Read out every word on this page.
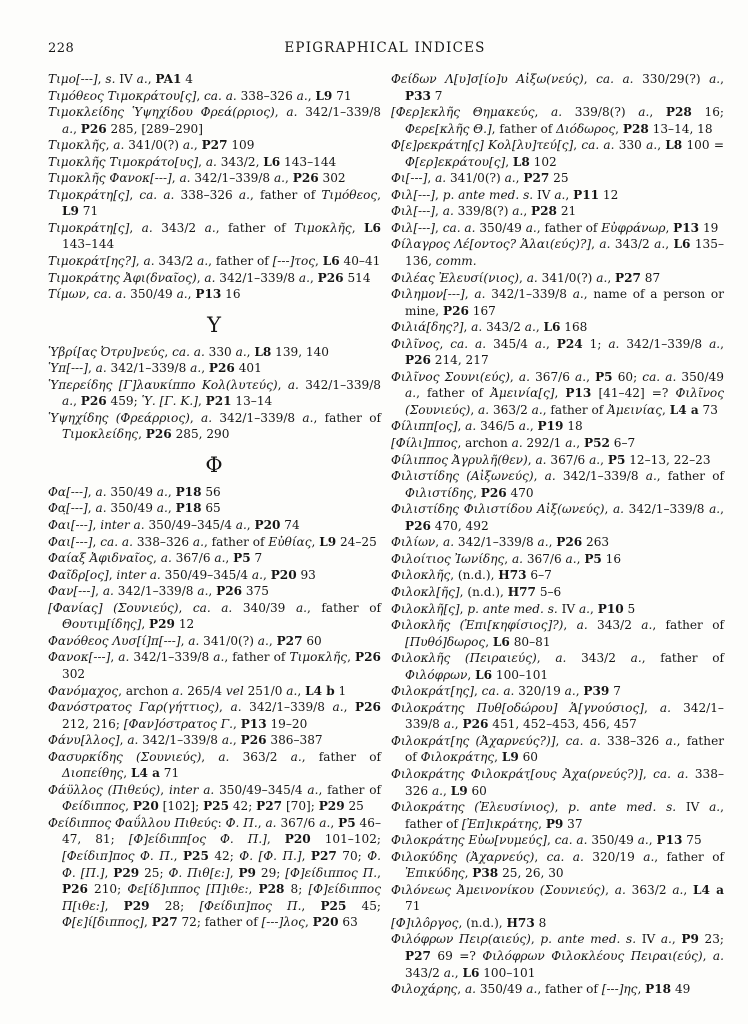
228	EPIGRAPHICAL INDICES
Τιμο[---], s. IV a., PA1 4
Τιμόθεος Τιμοκράτου[ς], ca. a. 338–326 a., L9 71
Τιμοκλείδης Ὑψηχίδου Φρεά(ρριος), a. 342/1–339/8 a., P26 285, [289–290]
Τιμοκλῆς, a. 341/0(?) a., P27 109
Τιμοκλῆς Τιμοκράτο[υς], a. 343/2, L6 143–144
Τιμοκλῆς Φανοκ[---], a. 342/1–339/8 a., P26 302
Τιμοκράτη[ς], ca. a. 338–326 a., father of Τιμόθεος, L9 71
Τιμοκράτη[ς], a. 343/2 a., father of Τιμοκλῆς, L6 143–144
Τιμοκράτ[ης?], a. 343/2 a., father of [---]τος, L6 40–41
Τιμοκράτης Ἀφι(δναῖος), a. 342/1–339/8 a., P26 514
Τίμων, ca. a. 350/49 a., P13 16
Υ
Ὑβρί[ας Ὀτρυ]νεύς, ca. a. 330 a., L8 139, 140
Ὑπ[---], a. 342/1–339/8 a., P26 401
Ὑπερείδης [Γ]λαυκίππο Κολ(λυτεύς), a. 342/1–339/8 a., P26 459; Ὑ. [Γ. Κ.], P21 13–14
Ὑψηχίδης (Φρεάρριος), a. 342/1–339/8 a., father of Τιμοκλείδης, P26 285, 290
Φ
Φα[---], a. 350/49 a., P18 56
Φα̣[---], a. 350/49 a., P18 65
Φαι[---], inter a. 350/49–345/4 a., P20 74
Φαι[---], ca. a. 338–326 a., father of Εὐθίας, L9 24–25
Φαίαξ Ἀφιδναῖος, a. 367/6 a., P5 7
Φαῖδρ[ος], inter a. 350/49–345/4 a., P20 93
Φαν[---], a. 342/1–339/8 a., P26 375
[Φανίας] (Σουνιεύς), ca. a. 340/39 a., father of Θουτιμ[ίδης], P29 12
Φανόθεος Λυσ[ί]π[---], a. 341/0(?) a., P27 60
Φανοκ[---], a. 342/1–339/8 a., father of Τιμοκλῆς, P26 302
Φανόμαχος, archon a. 265/4 vel 251/0 a., L4 b 1
Φανόστρατος Γαρ(γήττιος), a. 342/1–339/8 a., P26 212, 216; [Φαν]όστρατος Γ., P13 19–20
Φάνυ[λλος], a. 342/1–339/8 a., P26 386–387
Φασυρκίδης (Σουνιεύς), a. 363/2 a., father of Διοπείθης, L4 a 71
Φάϋλλος (Πιθεύς), inter a. 350/49–345/4 a., father of Φείδιππος, P20 [102]; P25 42; P27 [70]; P29 25
Φείδιππος Φαΰλλου Πιθεύς: Φ. Π., a. 367/6 a., P5 46–47, 81; [Φ]είδιππ[ος Φ. Π.], P20 101–102; [Φείδιπ]πος Φ. Π., P25 42; Φ. [Φ. Π.], P27 70; Φ. Φ. [Π.], P29 25; Φ. Πιθ[ε:], P9 29; [Φ]είδιππος Π., P26 210; Φε[ίδ]ιππος [Π]ιθε:, P28 8; [Φ]είδιππος Π[ιθε:], P29 28; [Φείδιπ]πος Π., P25 45; Φ[ε]ί[διππος], P27 72; father of [---]λος, P20 63
Φείδων Λ[υ]σ[ίο]υ Αἰξω(νεύς), ca. a. 330/29(?) a., P33 7
[Φερ]εκλῆς Θημακεύς, a. 339/8(?) a., P28 16; Φερε[κλῆς Θ.], father of Διόδωρος, P28 13–14, 18
Φ[ε]ρεκράτη[ς] Κολ[λυ]τεύ[ς], ca. a. 330 a., L8 100 = Φ[ερ]εκράτου[ς], L8 102
Φι[---], a. 341/0(?) a., P27 25
Φιλ[---], p. ante med. s. IV a., P11 12
Φιλ[---], a. 339/8(?) a., P28 21
Φιλ[---], ca. a. 350/49 a., father of Εὐφράνωρ, P13 19
Φίλαγρος Λέ[οντος? Ἁλαι(εύς)?], a. 343/2 a., L6 135–136, comm.
Φιλέας Ἐλευσί(νιος), a. 341/0(?) a., P27 87
Φιλημον[---], a. 342/1–339/8 a., name of a person or mine, P26 167
Φιλιά[δης?], a. 343/2 a., L6 168
Φιλῖνος, ca. a. 345/4 a., P24 1; a. 342/1–339/8 a., P26 214, 217
Φιλῖνος Σουνι(εύς), a. 367/6 a., P5 60; ca. a. 350/49 a., father of Ἀμεινία[ς], P13 [41–42] =? Φιλῖνος (Σουνιεύς), a. 363/2 a., father of Ἀμεινίας, L4 a 73
Φίλιππ[ος], a. 346/5 a., P19 18
[Φίλι]ππος, archon a. 292/1 a., P52 6–7
Φίλιππος Ἀγρυλῆ(θεν), a. 367/6 a., P5 12–13, 22–23
Φιλιστίδης (Αἰξωνεύς), a. 342/1–339/8 a., father of Φιλιστίδης, P26 470
Φιλιστίδης Φιλιστίδου Αἰξ(ωνεύς), a. 342/1–339/8 a., P26 470, 492
Φιλίων, a. 342/1–339/8 a., P26 263
Φιλοίτιος Ἰωνίδης, a. 367/6 a., P5 16
Φιλοκλῆς, (n.d.), H73 6–7
Φιλοκλ[ῆς], (n.d.), H77 5–6
Φιλοκλῆ[ς], p. ante med. s. IV a., P10 5
Φιλοκλῆς (Ἐπι[κηφίσιος]?), a. 343/2 a., father of [Πυθό]δωρος, L6 80–81
Φιλοκλῆς (Πειραιεύς), a. 343/2 a., father of Φιλόφρων, L6 100–101
Φιλοκράτ[ης], ca. a. 320/19 a., P39 7
Φιλοκράτης Πυθ[οδώρου] Ἁ[γνούσιος], a. 342/1–339/8 a., P26 451, 452–453, 456, 457
Φιλοκράτ[ης (Ἀχαρνεύς?)], ca. a. 338–326 a., father of Φιλοκράτης, L9 60
Φιλοκράτης Φιλοκράτ̣[ους Ἀχα(ρνεύς?)], ca. a. 338–326 a., L9 60
Φιλοκράτης (Ἐλευσίνιος), p. ante med. s. IV a., father of [Ἐπ]ικράτης, P9 37
Φιλοκράτης Εὐω[νυμεύς], ca. a. 350/49 a., P13 75
Φιλοκύδης (Ἀχαρνεύς), ca. a. 320/19 a., father of Ἐπικύδης, P38 25, 26, 30
Φιλόνεως Ἀμεινονίκου (Σουνιεύς), a. 363/2 a., L4 a 71
[Φ]ιλôργος, (n.d.), H73 8
Φιλόφρων Πειρ(αιεύς), p. ante med. s. IV a., P9 23; P27 69 =? Φιλόφρων Φιλοκλέους Πειραι(εύς), a. 343/2 a., L6 100–101
Φιλοχάρης, a. 350/49 a., father of [---]ης, P18 49
